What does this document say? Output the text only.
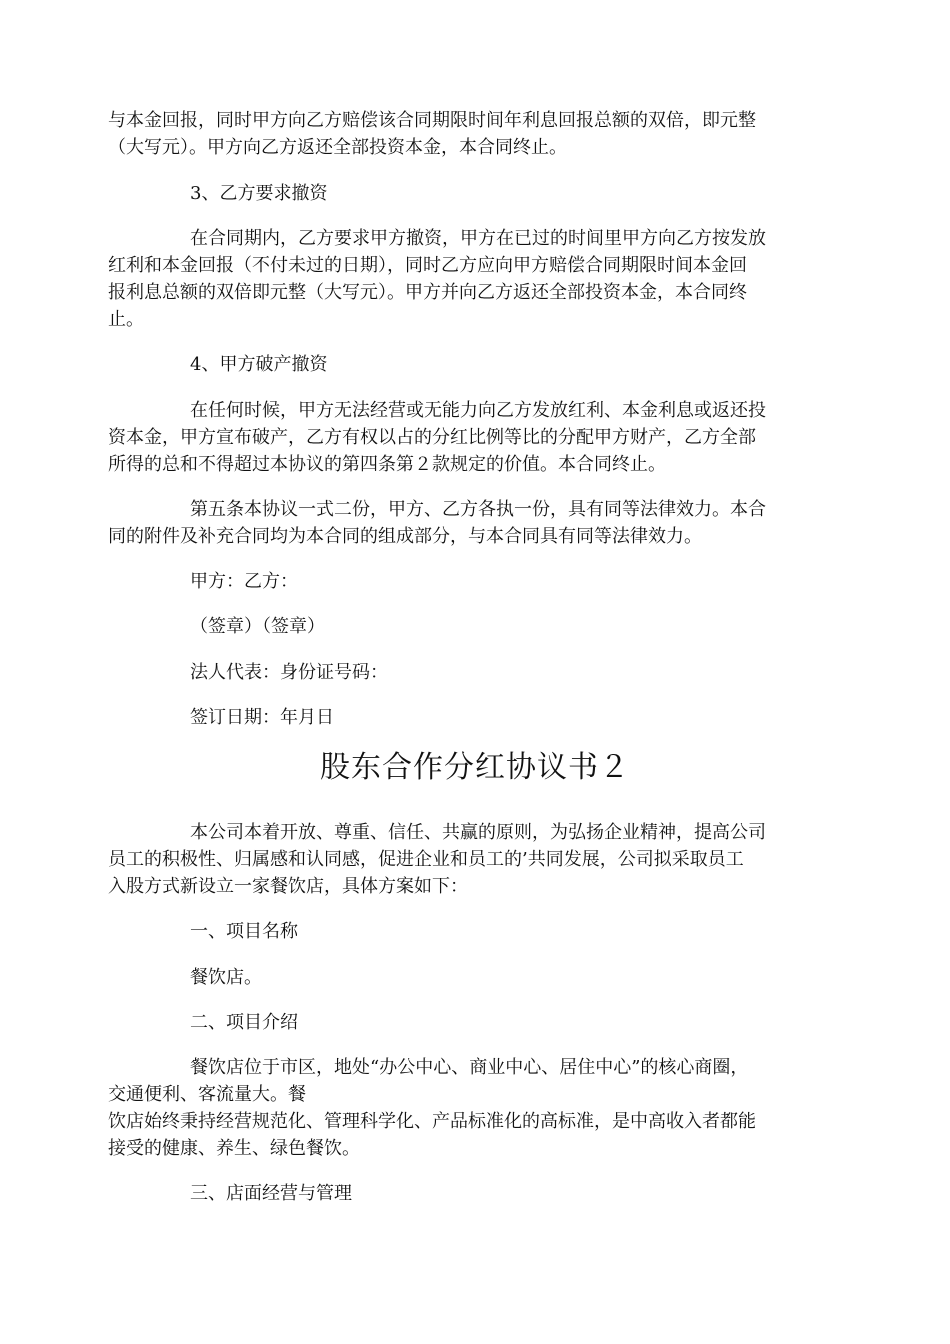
与本金回报，同时甲方向乙方赔偿该合同期限时间年利息回报总额的双倍，即元整

（大写元）。甲方向乙方返还全部投资本金，本合同终止。

3、乙方要求撤资

在合同期内，乙方要求甲方撤资，甲方在已过的时间里甲方向乙方按发放

红利和本金回报（不付未过的日期），同时乙方应向甲方赔偿合同期限时间本金回

报利息总额的双倍即元整（大写元）。甲方并向乙方返还全部投资本金，本合同终

止。

4、甲方破产撤资

在任何时候，甲方无法经营或无能力向乙方发放红利、本金利息或返还投

资本金，甲方宣布破产，乙方有权以占的分红比例等比的分配甲方财产，乙方全部

所得的总和不得超过本协议的第四条第２款规定的价值。本合同终止。

第五条本协议一式二份，甲方、乙方各执一份，具有同等法律效力。本合

同的附件及补充合同均为本合同的组成部分，与本合同具有同等法律效力。

甲方：乙方：

（签章）（签章）

法人代表：身份证号码：

签订日期：年月日

股东合作分红协议书２

本公司本着开放、尊重、信任、共赢的原则，为弘扬企业精神，提高公司

员工的积极性、归属感和认同感，促进企业和员工的’共同发展，公司拟采取员工

入股方式新设立一家餐饮店，具体方案如下：

一、项目名称

餐饮店。

二、项目介绍

餐饮店位于市区，地处“办公中心、商业中心、居住中心”的核心商圈，

交通便利、客流量大。餐

饮店始终秉持经营规范化、管理科学化、产品标准化的高标准，是中高收入者都能

接受的健康、养生、绿色餐饮。

三、店面经营与管理
